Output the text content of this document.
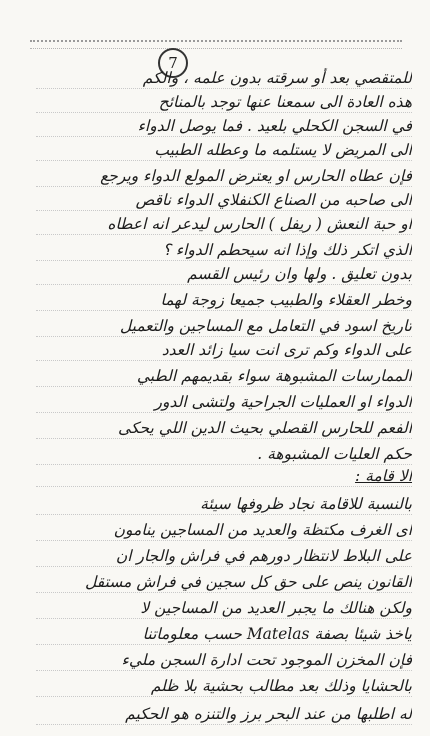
7
للمتقصي بعد أو سرقته بدون علمه ، والكم
هذه العادة الى سمعنا عنها توجد بالمنائح
في السجن الكحلي بلعيد . فما يوصل الدواء
الى المريض لا يستلمه ما وعطله الطبيب
فإن عطاه الحارس او يعترض المولع الدواء ويرجع
الى صاحبه من الصناع الكنفلاي الدواء ناقص
او حبة النعش ( ريفل ) الحارس ليدعر انه اعطاه
الذي اتكر ذلك وإذا انه سيحطم الدواء ؟
بدون تعليق . ولها وان رئيس القسم
وخطر العقلاء والطبيب جميعا زوجة لهما
تاريخ اسود في التعامل مع المساجين والتعميل
على الدواء وكم ترى انت سيا زائد العدد
الممارسات المشبوهة سواء بقديمهم الطبي
الدواء او العمليات الجراحية ولتشى الدور
الفعم للحارس القصلي بحيث الدين اللي يحكى
حكم العليات المشبوهة .
الا قامة :
بالنسبة للاقامة نجاد ظروفها سيئة
اى الغرف مكتظة والعديد من المساجين ينامون
على البلاط لانتظار دورهم في فراش والجار ان
القانون ينص على حق كل سجين في فراش مستقل
ولكن هنالك ما يجبر العديد من المساجين لا
ياخذ شيئا بصفة Matelas حسب معلوماتنا
فإن المخزن الموجود تحت ادارة السجن مليء
بالحشايا وذلك بعد مطالب بحشية بلا ظلم
له اطلبها من عند البحر برز والتنزه هو الحكيم
